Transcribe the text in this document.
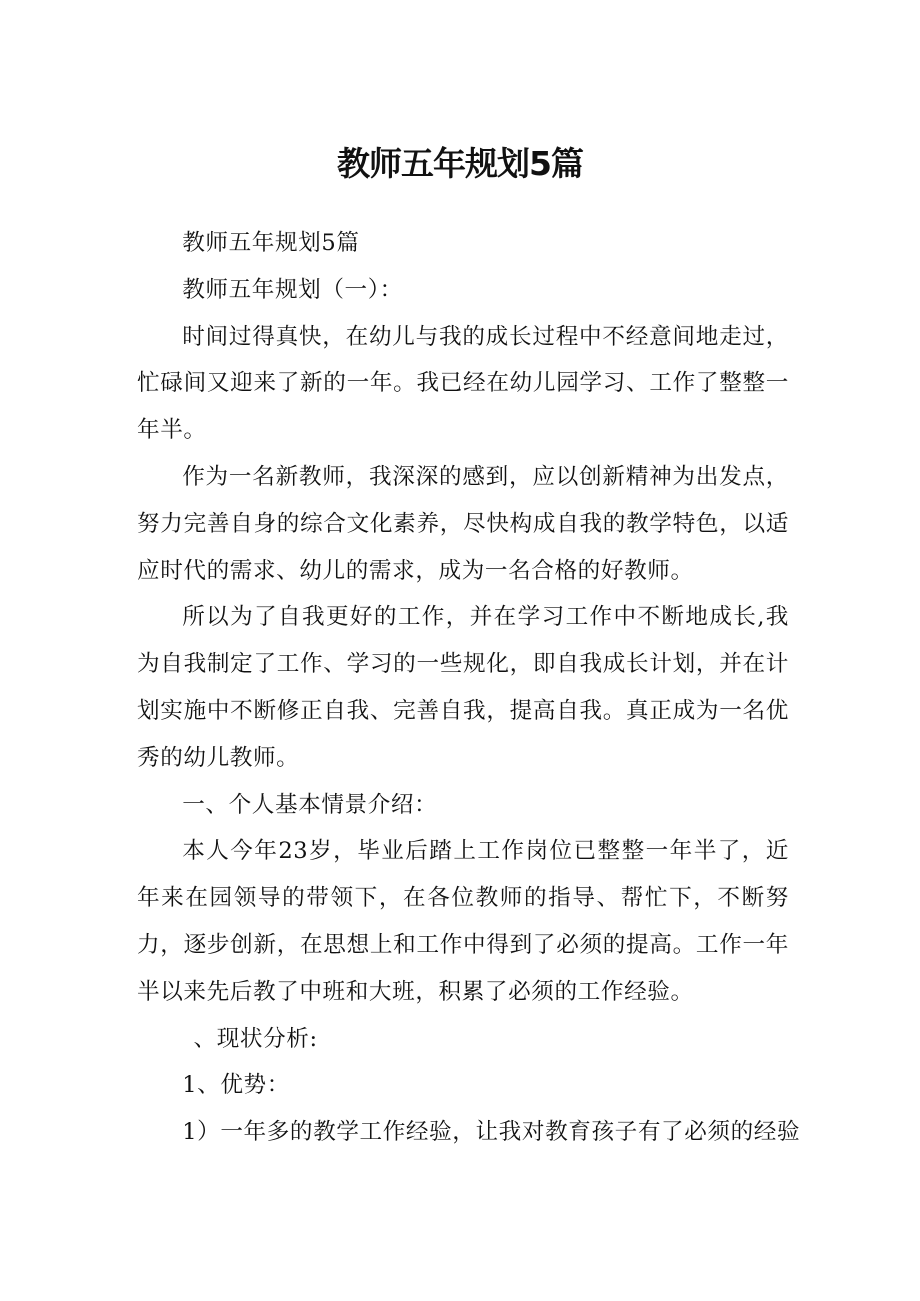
教师五年规划5篇

教师五年规划5篇

教师五年规划（一）：

时间过得真快，在幼儿与我的成长过程中不经意间地走过，忙碌间又迎来了新的一年。我已经在幼儿园学习、工作了整整一年半。

作为一名新教师，我深深的感到，应以创新精神为出发点，努力完善自身的综合文化素养，尽快构成自我的教学特色，以适应时代的需求、幼儿的需求，成为一名合格的好教师。

所以为了自我更好的工作，并在学习工作中不断地成长,我为自我制定了工作、学习的一些规化，即自我成长计划，并在计划实施中不断修正自我、完善自我，提高自我。真正成为一名优秀的幼儿教师。

一、个人基本情景介绍：

本人今年23岁，毕业后踏上工作岗位已整整一年半了，近年来在园领导的带领下，在各位教师的指导、帮忙下，不断努力，逐步创新，在思想上和工作中得到了必须的提高。工作一年半以来先后教了中班和大班，积累了必须的工作经验。

、现状分析:

1、优势：

1）一年多的教学工作经验，让我对教育孩子有了必须的经验
